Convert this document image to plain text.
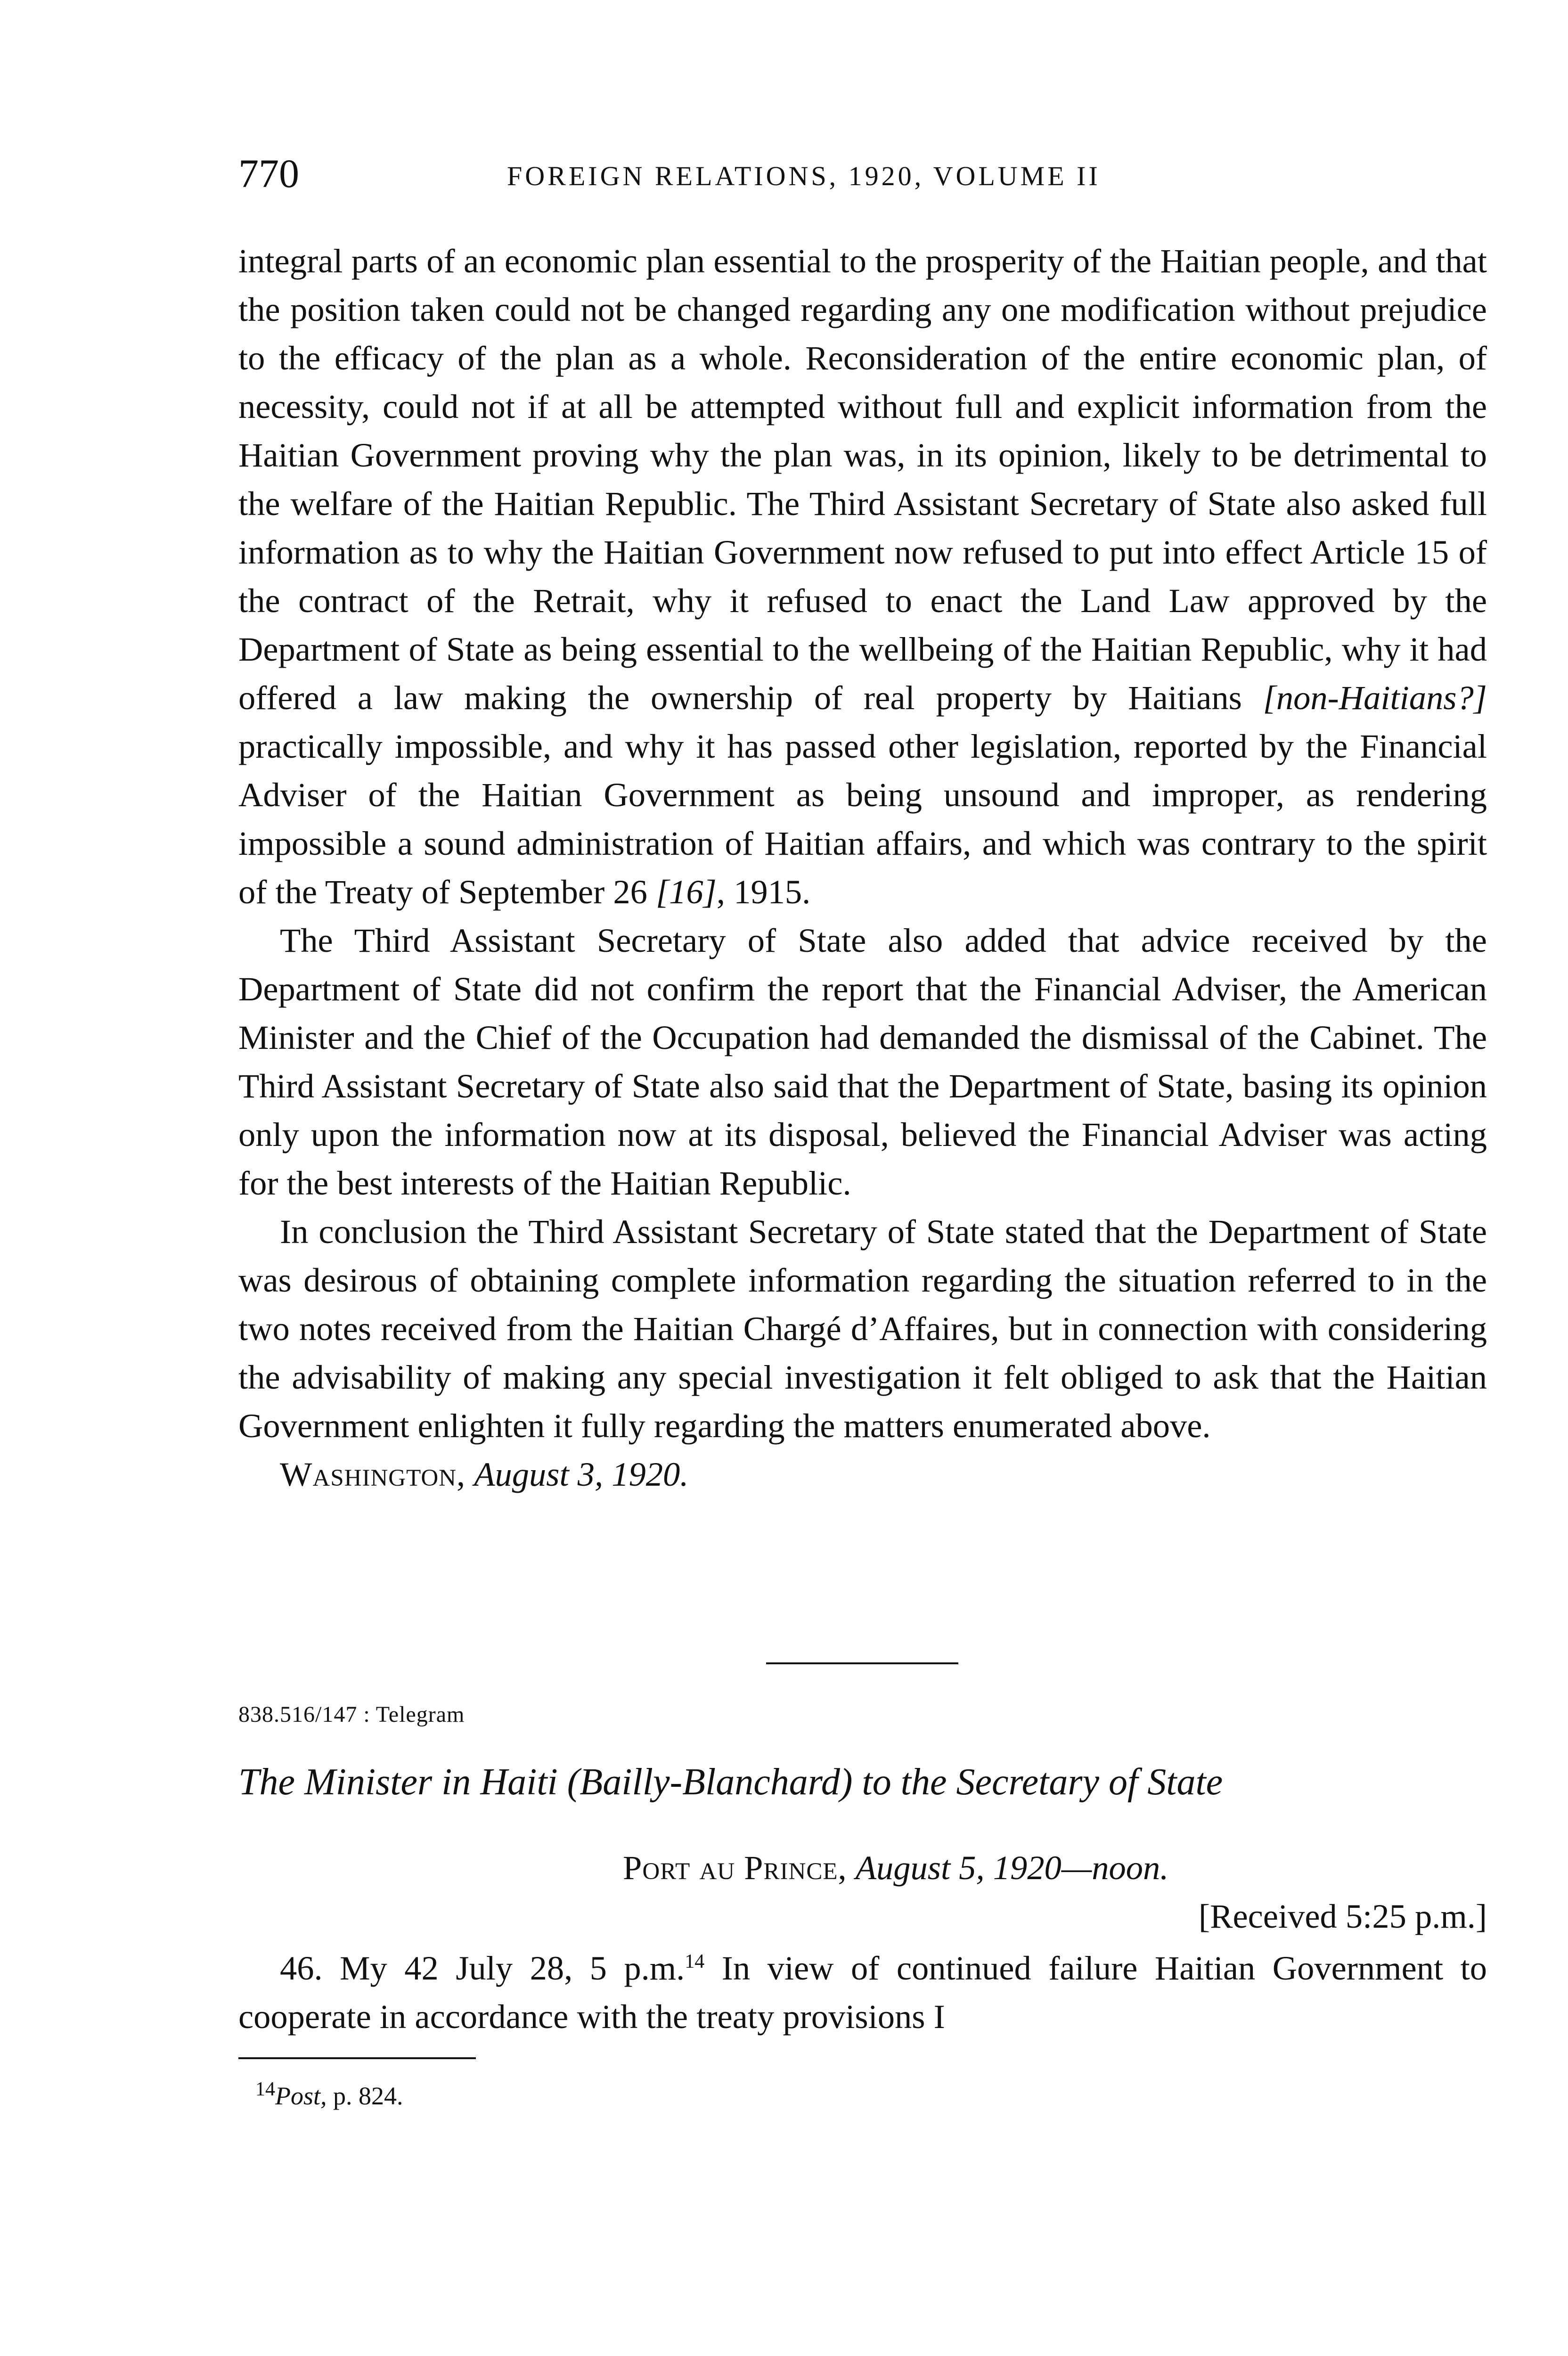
770	FOREIGN RELATIONS, 1920, VOLUME II

integral parts of an economic plan essential to the prosperity of the Haitian people, and that the position taken could not be changed regarding any one modification without prejudice to the efficacy of the plan as a whole. Reconsideration of the entire economic plan, of necessity, could not if at all be attempted without full and explicit information from the Haitian Government proving why the plan was, in its opinion, likely to be detrimental to the welfare of the Haitian Republic. The Third Assistant Secretary of State also asked full information as to why the Haitian Government now refused to put into effect Article 15 of the contract of the Retrait, why it refused to enact the Land Law approved by the Department of State as being essential to the wellbeing of the Haitian Republic, why it had offered a law making the ownership of real property by Haitians [non-Haitians?] practically impossible, and why it has passed other legislation, reported by the Financial Adviser of the Haitian Government as being unsound and improper, as rendering impossible a sound administration of Haitian affairs, and which was contrary to the spirit of the Treaty of September 26 [16], 1915.

The Third Assistant Secretary of State also added that advice received by the Department of State did not confirm the report that the Financial Adviser, the American Minister and the Chief of the Occupation had demanded the dismissal of the Cabinet. The Third Assistant Secretary of State also said that the Department of State, basing its opinion only upon the information now at its disposal, believed the Financial Adviser was acting for the best interests of the Haitian Republic.

In conclusion the Third Assistant Secretary of State stated that the Department of State was desirous of obtaining complete information regarding the situation referred to in the two notes received from the Haitian Chargé d’Affaires, but in connection with considering the advisability of making any special investigation it felt obliged to ask that the Haitian Government enlighten it fully regarding the matters enumerated above.

Washington, August 3, 1920.

838.516/147 : Telegram
The Minister in Haiti (Bailly-Blanchard) to the Secretary of State
Port au Prince, August 5, 1920—noon.
[Received 5:25 p.m.]

46. My 42 July 28, 5 p.m.$^{14}$ In view of continued failure Haitian Government to cooperate in accordance with the treaty provisions I

$^{14}$Post, p. 824.
